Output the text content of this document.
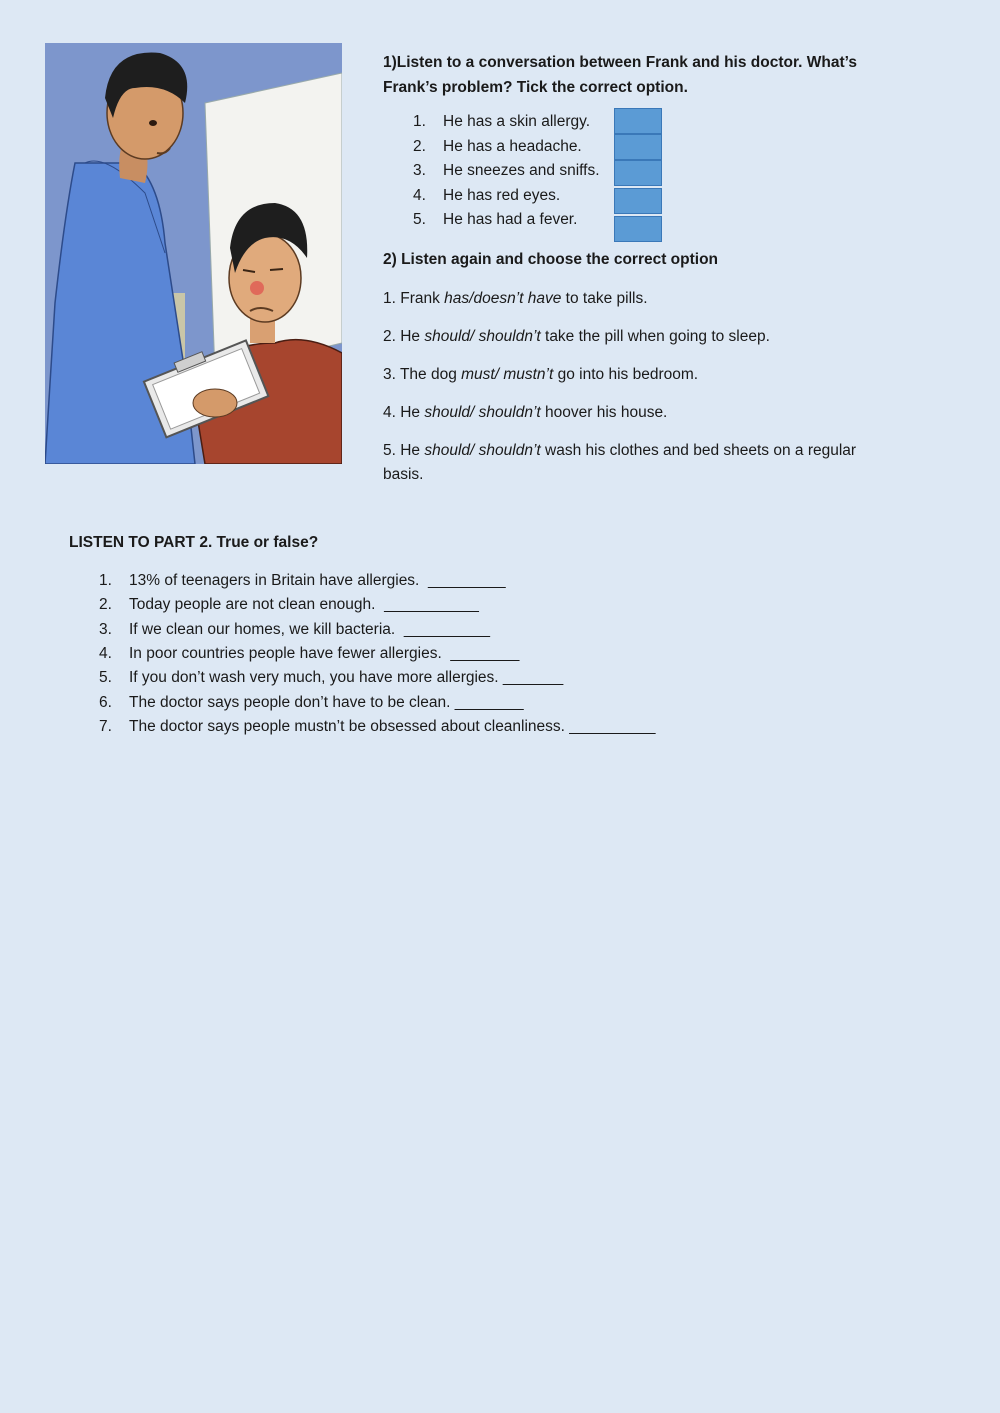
1)Listen to a conversation between Frank and his doctor. What’s
Frank’s problem? Tick the correct option.

1.	He has a skin allergy.
2.	He has a headache.
3.	He sneezes and sniffs.
4.	He has red eyes.
5.	He has had a fever.

2) Listen again and choose the correct option

1. Frank has/doesn’t have to take pills.

2. He should/ shouldn’t take the pill when going to sleep.

3. The dog must/ mustn’t go into his bedroom.

4. He should/ shouldn’t hoover his house.

5. He should/ shouldn’t wash his clothes and bed sheets on a regular
basis.

LISTEN TO PART 2. True or false?

1.	13% of teenagers in Britain have allergies.  _________
2.	Today people are not clean enough.  ___________
3.	If we clean our homes, we kill bacteria.  __________
4.	In poor countries people have fewer allergies.  ________
5.	If you don’t wash very much, you have more allergies. _______
6.	The doctor says people don’t have to be clean. ________
7.	The doctor says people mustn’t be obsessed about cleanliness. __________
